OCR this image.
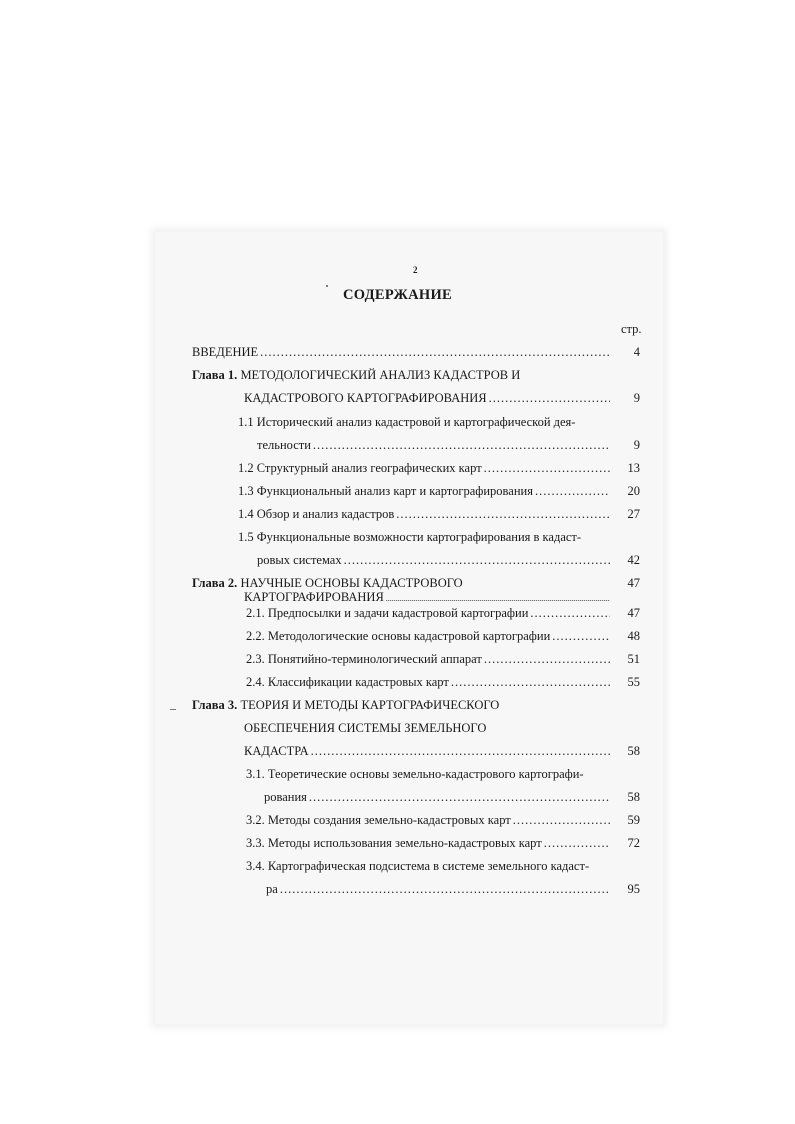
2
СОДЕРЖАНИЕ
стр.
ВВЕДЕНИЕ .....	4
Глава 1. МЕТОДОЛОГИЧЕСКИЙ АНАЛИЗ КАДАСТРОВ И
КАДАСТРОВОГО КАРТОГРАФИРОВАНИЯ .....	9
1.1 Исторический анализ кадастровой и картографической дея-
тельности .....	9
1.2 Структурный анализ географических карт .....	13
1.3 Функциональный анализ карт и картографирования .....	20
1.4 Обзор и анализ кадастров .....	27
1.5 Функциональные возможности картографирования в кадаст-
ровых системах .....	42
Глава 2. НАУЧНЫЕ ОСНОВЫ КАДАСТРОВОГО	47
КАРТОГРАФИРОВАНИЯ
.....
2.1. Предпосылки и задачи кадастровой картографии .....	47
2.2. Методологические основы кадастровой картографии .....	48
2.3. Понятийно-терминологический аппарат .....	51
2.4. Классификации кадастровых карт .....	55
Глава 3. ТЕОРИЯ И МЕТОДЫ КАРТОГРАФИЧЕСКОГО
ОБЕСПЕЧЕНИЯ СИСТЕМЫ ЗЕМЕЛЬНОГО
КАДАСТРА .....	58
3.1. Теоретические основы земельно-кадастрового картографи-
рования .....	58
3.2. Методы создания земельно-кадастровых карт .....	59
3.3. Методы использования земельно-кадастровых карт .....	72
3.4. Картографическая подсистема в системе земельного кадаст-
ра .....	95
